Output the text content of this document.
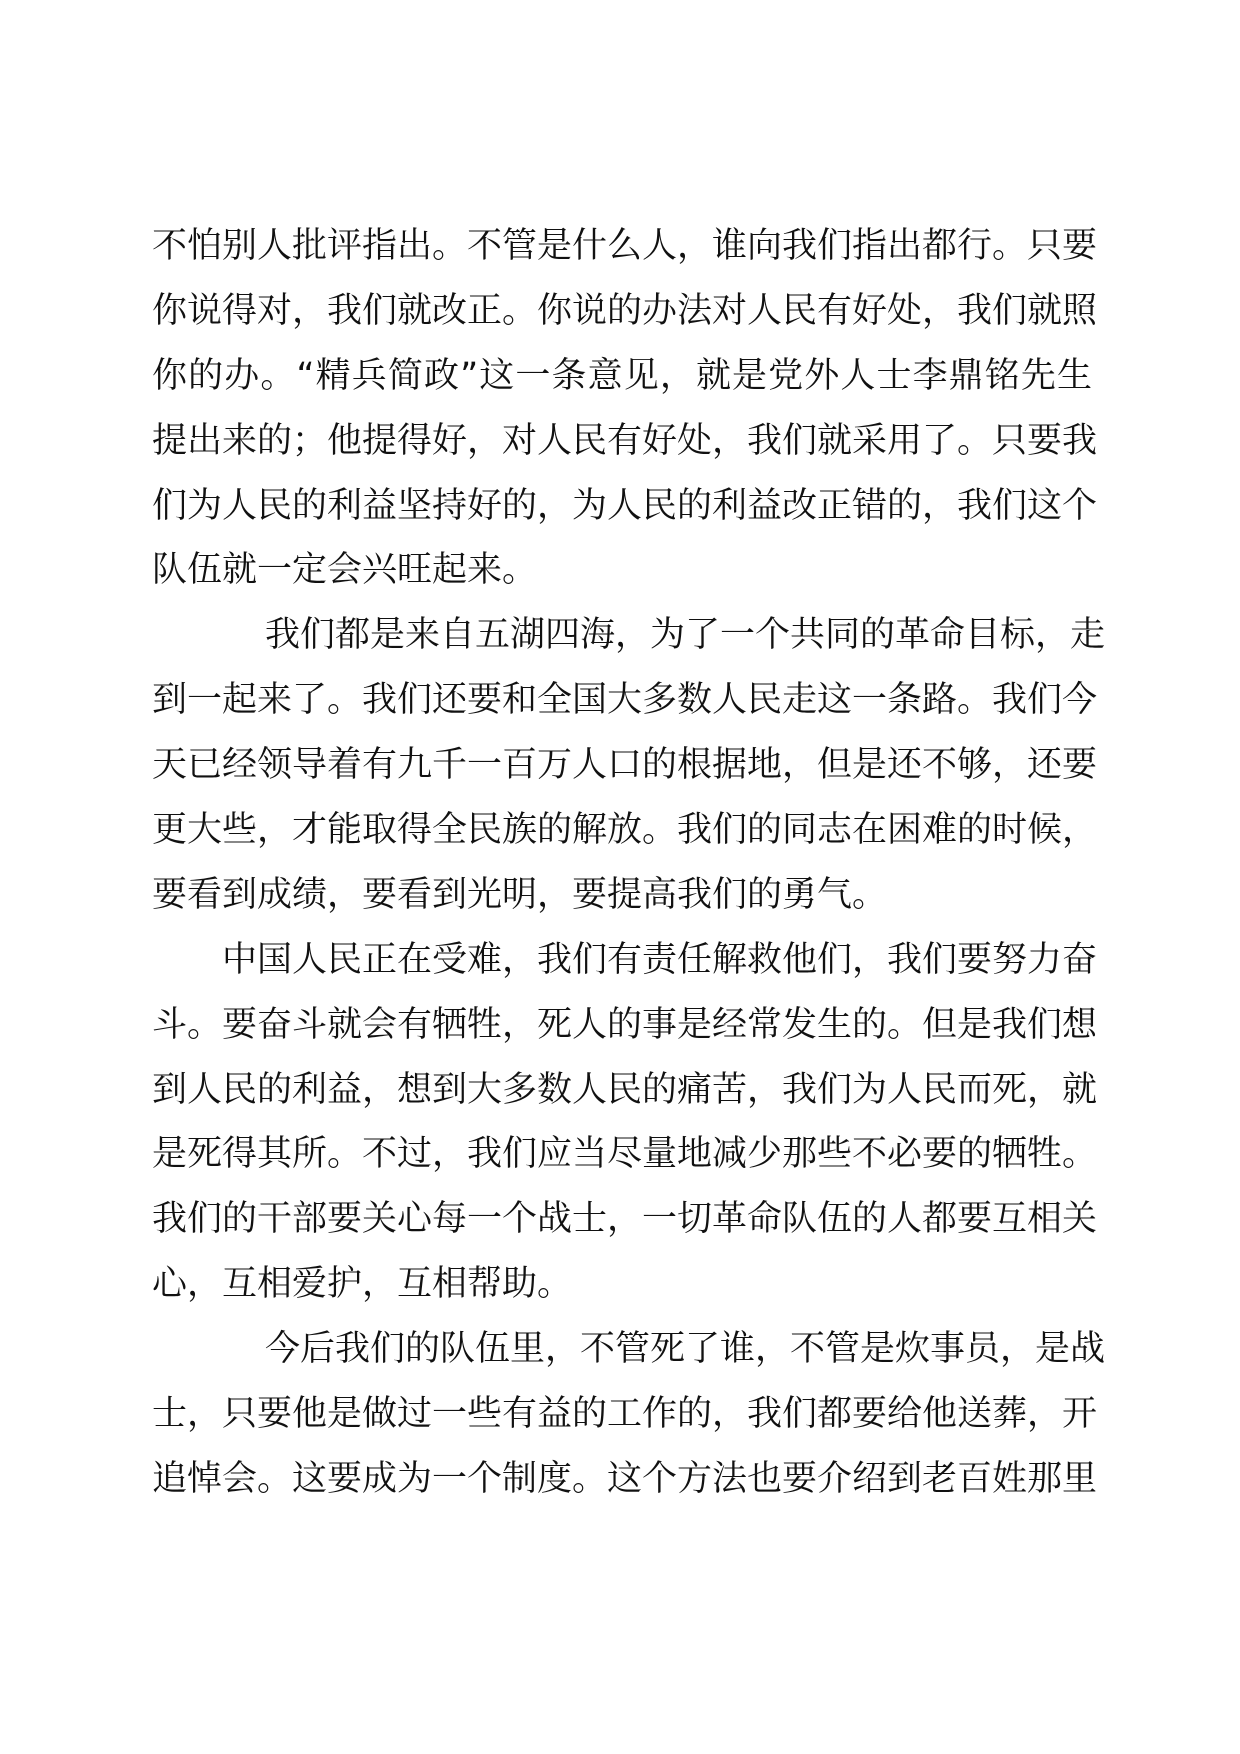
不怕别人批评指出。不管是什么人，谁向我们指出都行。只要
你说得对，我们就改正。你说的办法对人民有好处，我们就照
你的办。“精兵简政”这一条意见，就是党外人士李鼎铭先生
提出来的；他提得好，对人民有好处，我们就采用了。只要我
们为人民的利益坚持好的，为人民的利益改正错的，我们这个
队伍就一定会兴旺起来。
我们都是来自五湖四海，为了一个共同的革命目标，走
到一起来了。我们还要和全国大多数人民走这一条路。我们今
天已经领导着有九千一百万人口的根据地，但是还不够，还要
更大些，才能取得全民族的解放。我们的同志在困难的时候，
要看到成绩，要看到光明，要提高我们的勇气。
中国人民正在受难，我们有责任解救他们，我们要努力奋
斗。要奋斗就会有牺牲，死人的事是经常发生的。但是我们想
到人民的利益，想到大多数人民的痛苦，我们为人民而死，就
是死得其所。不过，我们应当尽量地减少那些不必要的牺牲。
我们的干部要关心每一个战士，一切革命队伍的人都要互相关
心，互相爱护，互相帮助。
今后我们的队伍里，不管死了谁，不管是炊事员，是战
士，只要他是做过一些有益的工作的，我们都要给他送葬，开
追悼会。这要成为一个制度。这个方法也要介绍到老百姓那里
